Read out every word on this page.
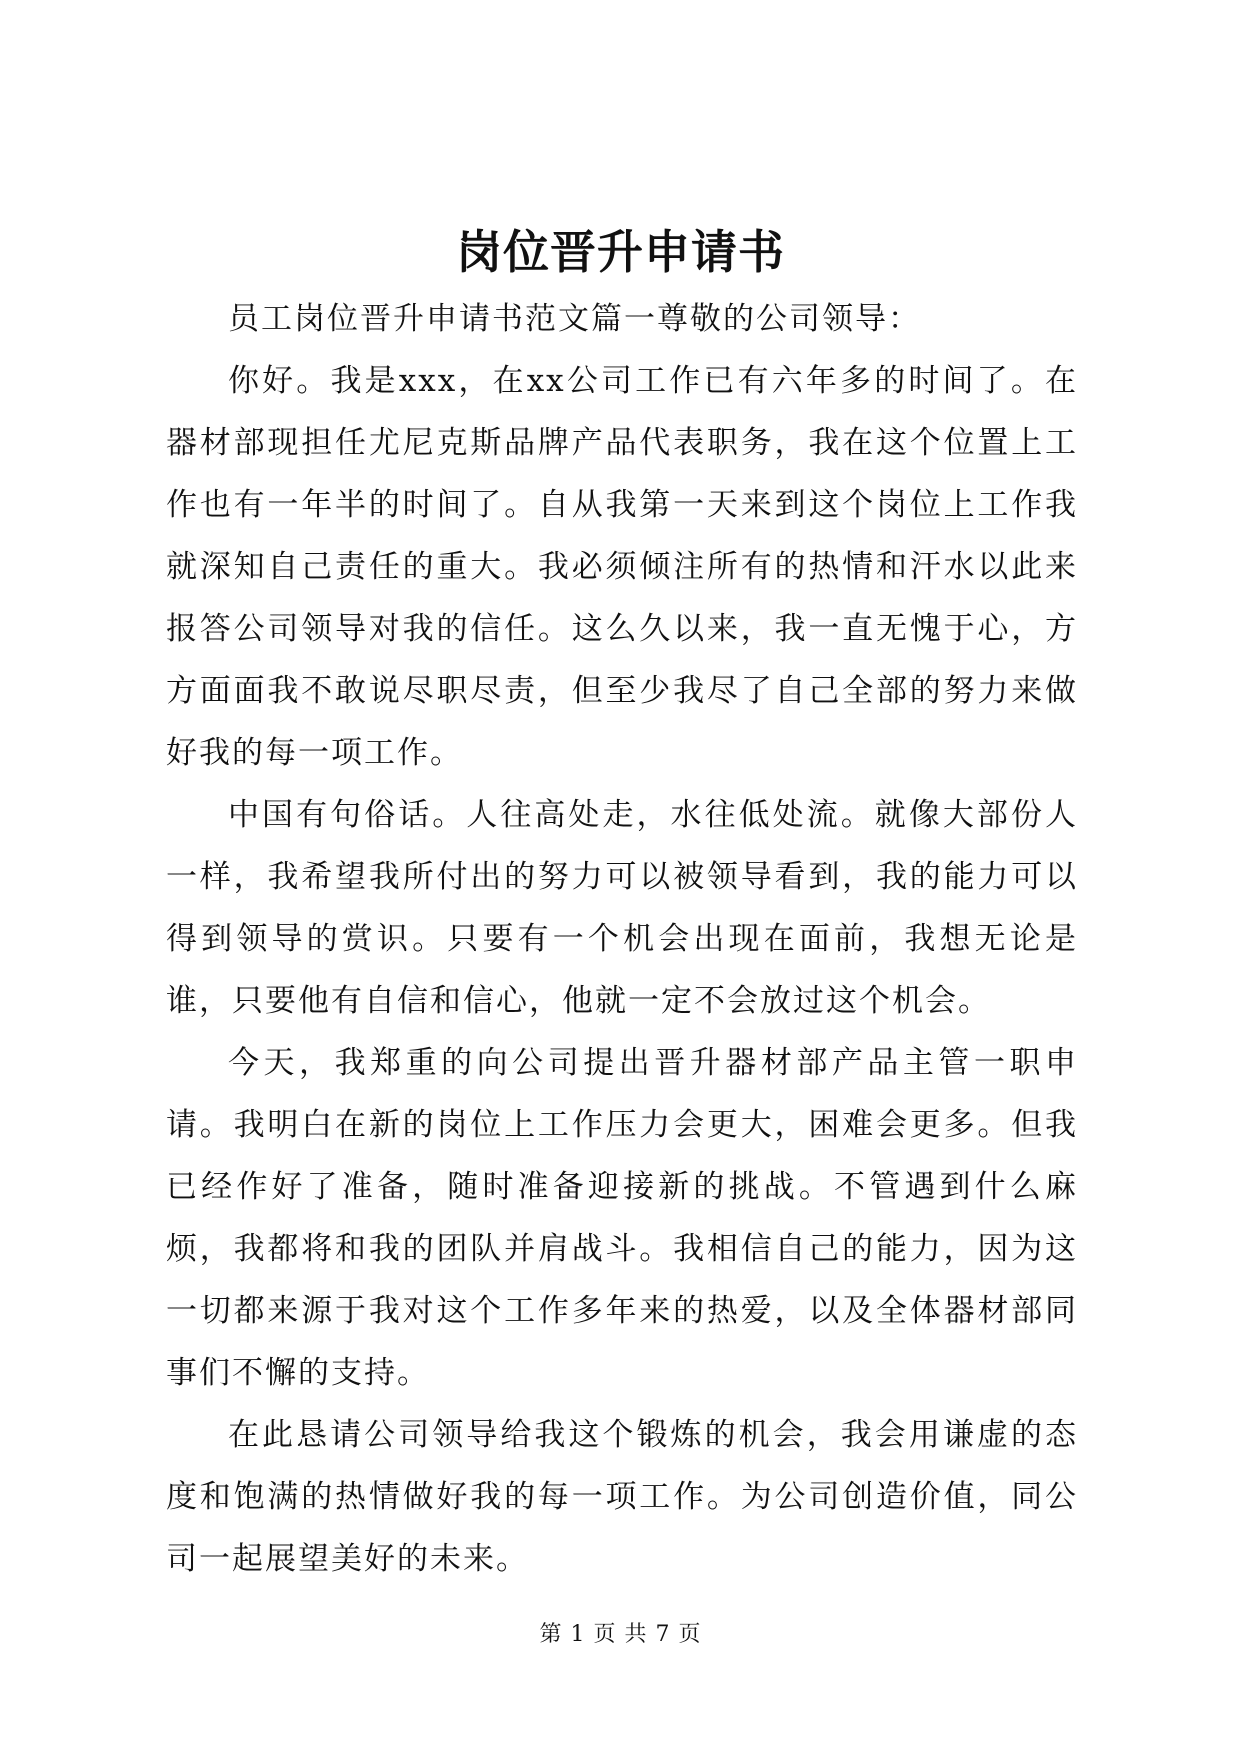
岗位晋升申请书

员工岗位晋升申请书范文篇一尊敬的公司领导：

你好。我是xxx，在xx公司工作已有六年多的时间了。在器材部现担任尤尼克斯品牌产品代表职务，我在这个位置上工作也有一年半的时间了。自从我第一天来到这个岗位上工作我就深知自己责任的重大。我必须倾注所有的热情和汗水以此来报答公司领导对我的信任。这么久以来，我一直无愧于心，方方面面我不敢说尽职尽责，但至少我尽了自己全部的努力来做好我的每一项工作。

中国有句俗话。人往高处走，水往低处流。就像大部份人一样，我希望我所付出的努力可以被领导看到，我的能力可以得到领导的赏识。只要有一个机会出现在面前，我想无论是谁，只要他有自信和信心，他就一定不会放过这个机会。

今天，我郑重的向公司提出晋升器材部产品主管一职申请。我明白在新的岗位上工作压力会更大，困难会更多。但我已经作好了准备，随时准备迎接新的挑战。不管遇到什么麻烦，我都将和我的团队并肩战斗。我相信自己的能力，因为这一切都来源于我对这个工作多年来的热爱，以及全体器材部同事们不懈的支持。

在此恳请公司领导给我这个锻炼的机会，我会用谦虚的态度和饱满的热情做好我的每一项工作。为公司创造价值，同公司一起展望美好的未来。

第 1 页 共 7 页
